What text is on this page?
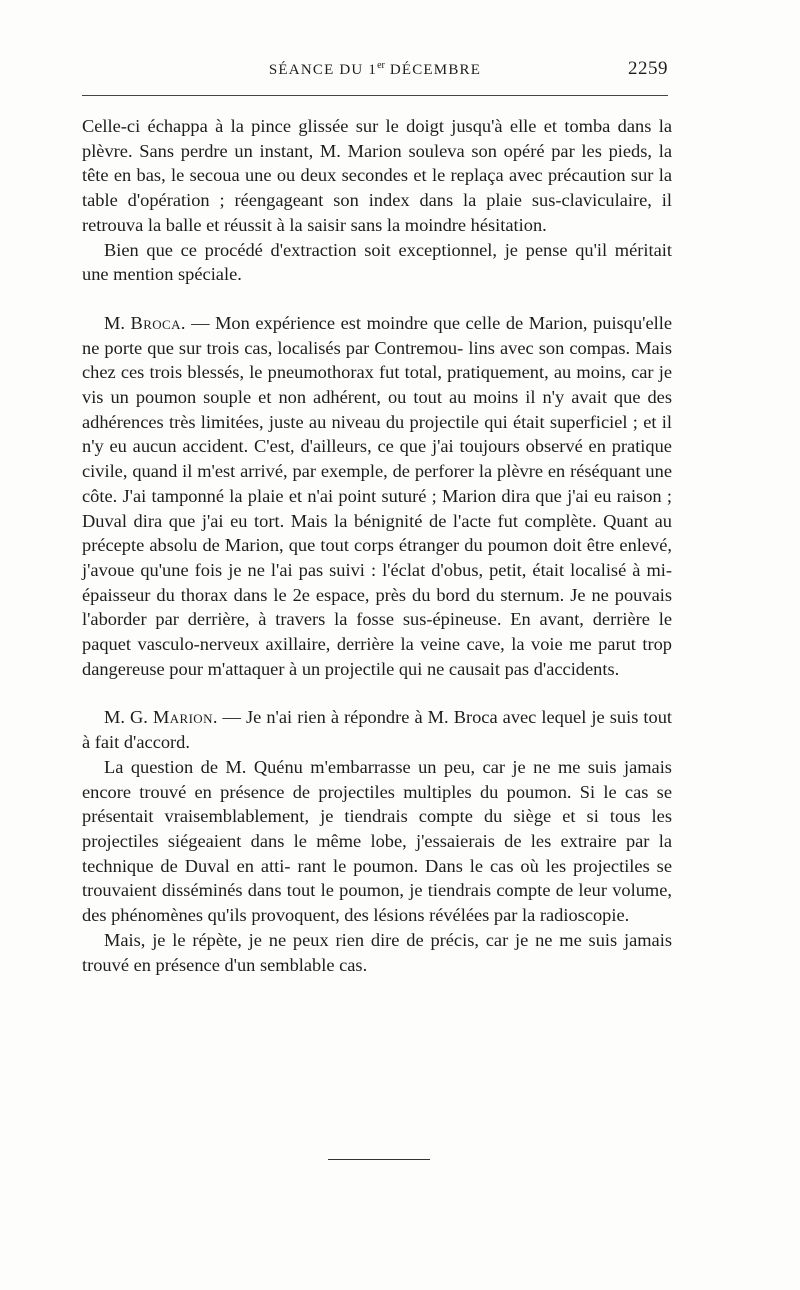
SÉANCE DU 1er DÉCEMBRE	2259

Celle-ci échappa à la pince glissée sur le doigt jusqu'à elle et tomba dans la plèvre. Sans perdre un instant, M. Marion souleva son opéré par les pieds, la tête en bas, le secoua une ou deux secondes et le replaça avec précaution sur la table d'opération ; réengageant son index dans la plaie sus-claviculaire, il retrouva la balle et réussit à la saisir sans la moindre hésitation.

Bien que ce procédé d'extraction soit exceptionnel, je pense qu'il méritait une mention spéciale.

M. Broca. — Mon expérience est moindre que celle de Marion, puisqu'elle ne porte que sur trois cas, localisés par Contremou- lins avec son compas. Mais chez ces trois blessés, le pneumothorax fut total, pratiquement, au moins, car je vis un poumon souple et non adhérent, ou tout au moins il n'y avait que des adhérences très limitées, juste au niveau du projectile qui était superficiel ; et il n'y eu aucun accident. C'est, d'ailleurs, ce que j'ai toujours observé en pratique civile, quand il m'est arrivé, par exemple, de perforer la plèvre en réséquant une côte. J'ai tamponné la plaie et n'ai point suturé ; Marion dira que j'ai eu raison ; Duval dira que j'ai eu tort. Mais la bénignité de l'acte fut complète. Quant au précepte absolu de Marion, que tout corps étranger du poumon doit être enlevé, j'avoue qu'une fois je ne l'ai pas suivi : l'éclat d'obus, petit, était localisé à mi-épaisseur du thorax dans le 2e espace, près du bord du sternum. Je ne pouvais l'aborder par derrière, à travers la fosse sus-épineuse. En avant, derrière le paquet vasculo-nerveux axillaire, derrière la veine cave, la voie me parut trop dangereuse pour m'attaquer à un projectile qui ne causait pas d'accidents.

M. G. Marion. — Je n'ai rien à répondre à M. Broca avec lequel je suis tout à fait d'accord.

La question de M. Quénu m'embarrasse un peu, car je ne me suis jamais encore trouvé en présence de projectiles multiples du poumon. Si le cas se présentait vraisemblablement, je tiendrais compte du siège et si tous les projectiles siégeaient dans le même lobe, j'essaierais de les extraire par la technique de Duval en atti- rant le poumon. Dans le cas où les projectiles se trouvaient disséminés dans tout le poumon, je tiendrais compte de leur volume, des phénomènes qu'ils provoquent, des lésions révélées par la radioscopie.

Mais, je le répète, je ne peux rien dire de précis, car je ne me suis jamais trouvé en présence d'un semblable cas.
